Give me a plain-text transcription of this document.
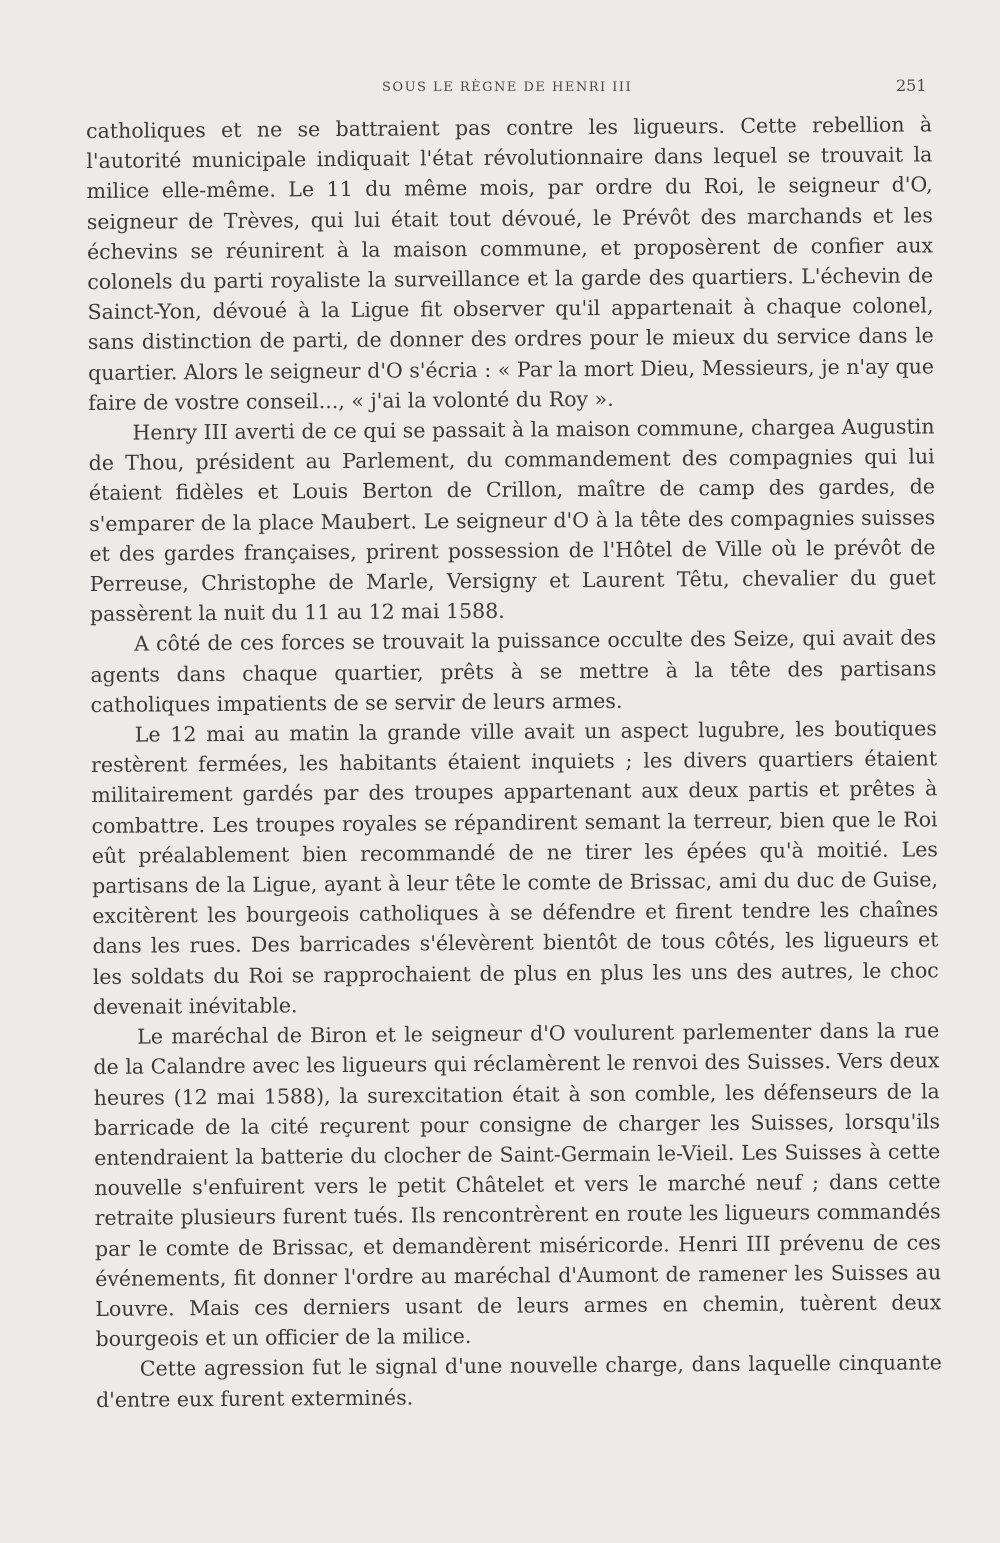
SOUS LE RÈGNE DE HENRI III	251

catholiques et ne se battraient pas contre les ligueurs. Cette rebellion à l'autorité municipale indiquait l'état révolutionnaire dans lequel se trouvait la milice elle-même. Le 11 du même mois, par ordre du Roi, le seigneur d'O, seigneur de Trèves, qui lui était tout dévoué, le Prévôt des marchands et les échevins se réunirent à la maison commune, et proposèrent de confier aux colonels du parti royaliste la surveillance et la garde des quartiers. L'échevin de Sainct-Yon, dévoué à la Ligue fit observer qu'il appartenait à chaque colonel, sans distinction de parti, de donner des ordres pour le mieux du service dans le quartier. Alors le seigneur d'O s'écria : « Par la mort Dieu, Messieurs, je n'ay que faire de vostre conseil..., « j'ai la volonté du Roy ».

Henry III averti de ce qui se passait à la maison commune, chargea Augustin de Thou, président au Parlement, du commandement des compagnies qui lui étaient fidèles et Louis Berton de Crillon, maître de camp des gardes, de s'emparer de la place Maubert. Le seigneur d'O à la tête des compagnies suisses et des gardes françaises, prirent possession de l'Hôtel de Ville où le prévôt de Perreuse, Christophe de Marle, Versigny et Laurent Têtu, chevalier du guet passèrent la nuit du 11 au 12 mai 1588.

A côté de ces forces se trouvait la puissance occulte des Seize, qui avait des agents dans chaque quartier, prêts à se mettre à la tête des partisans catholiques impatients de se servir de leurs armes.

Le 12 mai au matin la grande ville avait un aspect lugubre, les boutiques restèrent fermées, les habitants étaient inquiets ; les divers quartiers étaient militairement gardés par des troupes appartenant aux deux partis et prêtes à combattre. Les troupes royales se répandirent semant la terreur, bien que le Roi eût préalablement bien recommandé de ne tirer les épées qu'à moitié. Les partisans de la Ligue, ayant à leur tête le comte de Brissac, ami du duc de Guise, excitèrent les bourgeois catholiques à se défendre et firent tendre les chaînes dans les rues. Des barricades s'élevèrent bientôt de tous côtés, les ligueurs et les soldats du Roi se rapprochaient de plus en plus les uns des autres, le choc devenait inévitable.

Le maréchal de Biron et le seigneur d'O voulurent parlementer dans la rue de la Calandre avec les ligueurs qui réclamèrent le renvoi des Suisses. Vers deux heures (12 mai 1588), la surexcitation était à son comble, les défenseurs de la barricade de la cité reçurent pour consigne de charger les Suisses, lorsqu'ils entendraient la batterie du clocher de Saint-Germain le-Vieil. Les Suisses à cette nouvelle s'enfuirent vers le petit Châtelet et vers le marché neuf ; dans cette retraite plusieurs furent tués. Ils rencontrèrent en route les ligueurs commandés par le comte de Brissac, et demandèrent miséricorde. Henri III prévenu de ces événements, fit donner l'ordre au maréchal d'Aumont de ramener les Suisses au Louvre. Mais ces derniers usant de leurs armes en chemin, tuèrent deux bourgeois et un officier de la milice.

Cette agression fut le signal d'une nouvelle charge, dans laquelle cinquante d'entre eux furent exterminés.
